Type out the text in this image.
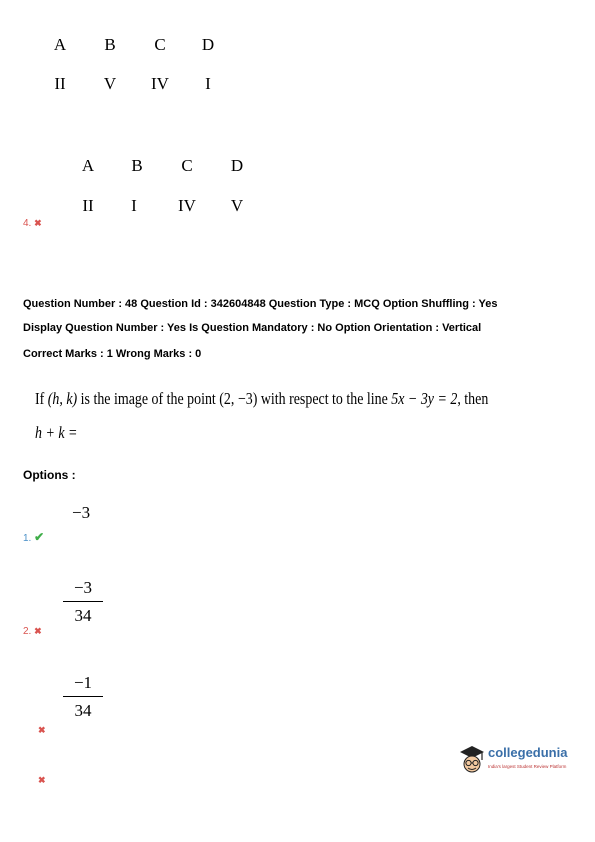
A B C D
II V IV I
A B C D
II I IV V
4. ✖
Question Number : 48 Question Id : 342604848 Question Type : MCQ Option Shuffling : Yes
Display Question Number : Yes Is Question Mandatory : No Option Orientation : Vertical
Correct Marks : 1 Wrong Marks : 0
If (h, k) is the image of the point (2, −3) with respect to the line 5x − 3y = 2, then
h + k =
Options :
−3
1. ✔
−3
34
2. ✖
−1
34
✖
✖
collegedunia
India's largest Student Review Platform
